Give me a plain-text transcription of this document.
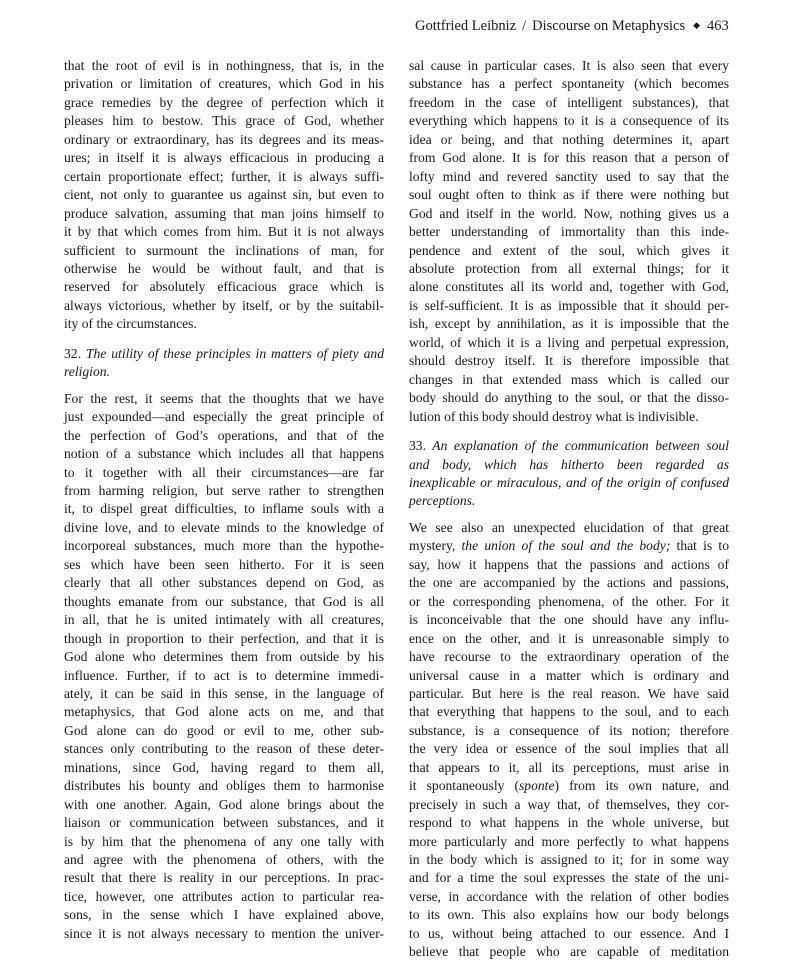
Gottfried Leibniz / Discourse on Metaphysics ◆ 463

that the root of evil is in nothingness, that is, in the
privation or limitation of creatures, which God in his
grace remedies by the degree of perfection which it
pleases him to bestow. This grace of God, whether
ordinary or extraordinary, has its degrees and its meas-
ures; in itself it is always efficacious in producing a
certain proportionate effect; further, it is always suffi-
cient, not only to guarantee us against sin, but even to
produce salvation, assuming that man joins himself to
it by that which comes from him. But it is not always
sufficient to surmount the inclinations of man, for
otherwise he would be without fault, and that is
reserved for absolutely efficacious grace which is
always victorious, whether by itself, or by the suitabil-
ity of the circumstances.

32. The utility of these principles in matters of piety and religion.

For the rest, it seems that the thoughts that we have
just expounded—and especially the great principle of
the perfection of God’s operations, and that of the
notion of a substance which includes all that happens
to it together with all their circumstances—are far
from harming religion, but serve rather to strengthen
it, to dispel great difficulties, to inflame souls with a
divine love, and to elevate minds to the knowledge of
incorporeal substances, much more than the hypothe-
ses which have been seen hitherto. For it is seen
clearly that all other substances depend on God, as
thoughts emanate from our substance, that God is all
in all, that he is united intimately with all creatures,
though in proportion to their perfection, and that it is
God alone who determines them from outside by his
influence. Further, if to act is to determine immedi-
ately, it can be said in this sense, in the language of
metaphysics, that God alone acts on me, and that
God alone can do good or evil to me, other sub-
stances only contributing to the reason of these deter-
minations, since God, having regard to them all,
distributes his bounty and obliges them to harmonise
with one another. Again, God alone brings about the
liaison or communication between substances, and it
is by him that the phenomena of any one tally with
and agree with the phenomena of others, with the
result that there is reality in our perceptions. In prac-
tice, however, one attributes action to particular rea-
sons, in the sense which I have explained above,
since it is not always necessary to mention the univer-

sal cause in particular cases. It is also seen that every
substance has a perfect spontaneity (which becomes
freedom in the case of intelligent substances), that
everything which happens to it is a consequence of its
idea or being, and that nothing determines it, apart
from God alone. It is for this reason that a person of
lofty mind and revered sanctity used to say that the
soul ought often to think as if there were nothing but
God and itself in the world. Now, nothing gives us a
better understanding of immortality than this inde-
pendence and extent of the soul, which gives it
absolute protection from all external things; for it
alone constitutes all its world and, together with God,
is self-sufficient. It is as impossible that it should per-
ish, except by annihilation, as it is impossible that the
world, of which it is a living and perpetual expression,
should destroy itself. It is therefore impossible that
changes in that extended mass which is called our
body should do anything to the soul, or that the disso-
lution of this body should destroy what is indivisible.

33. An explanation of the communication between soul and body, which has hitherto been regarded as inexplicable or miraculous, and of the origin of confused perceptions.

We see also an unexpected elucidation of that great
mystery, the union of the soul and the body; that is to
say, how it happens that the passions and actions of
the one are accompanied by the actions and passions,
or the corresponding phenomena, of the other. For it
is inconceivable that the one should have any influ-
ence on the other, and it is unreasonable simply to
have recourse to the extraordinary operation of the
universal cause in a matter which is ordinary and
particular. But here is the real reason. We have said
that everything that happens to the soul, and to each
substance, is a consequence of its notion; therefore
the very idea or essence of the soul implies that all
that appears to it, all its perceptions, must arise in
it spontaneously (sponte) from its own nature, and
precisely in such a way that, of themselves, they cor-
respond to what happens in the whole universe, but
more particularly and more perfectly to what happens
in the body which is assigned to it; for in some way
and for a time the soul expresses the state of the uni-
verse, in accordance with the relation of other bodies
to its own. This also explains how our body belongs
to us, without being attached to our essence. And I
believe that people who are capable of meditation
